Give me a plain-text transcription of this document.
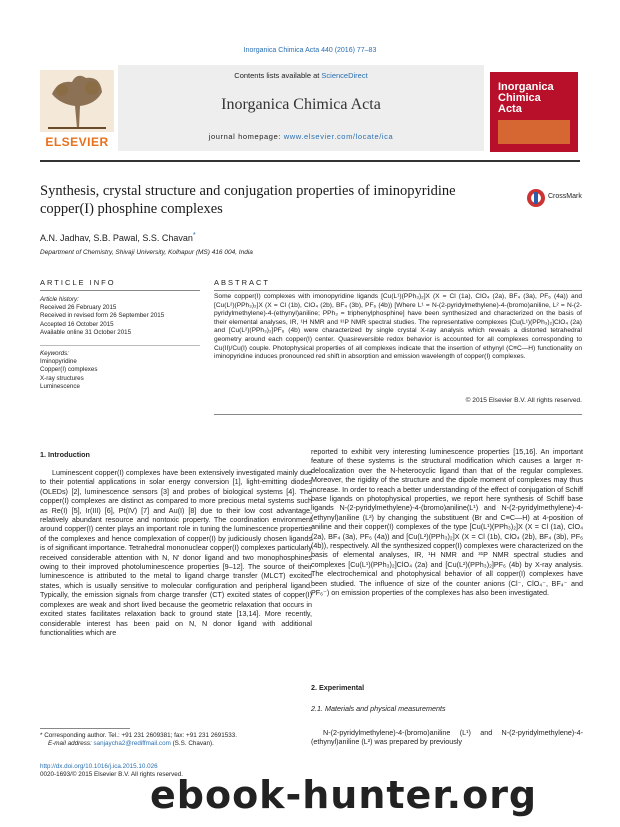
Inorganica Chimica Acta 440 (2016) 77–83
ELSEVIER
Contents lists available at ScienceDirect
Inorganica Chimica Acta
journal homepage: www.elsevier.com/locate/ica
Inorganica
Chimica
Acta
Synthesis, crystal structure and conjugation properties of iminopyridine
copper(I) phosphine complexes
CrossMark
A.N. Jadhav, S.B. Pawal, S.S. Chavan*
Department of Chemistry, Shivaji University, Kolhapur (MS) 416 004, India
ARTICLE INFO	ABSTRACT
Article history:
Received 26 February 2015
Received in revised form 26 September 2015
Accepted 16 October 2015
Available online 31 October 2015
Keywords:
Iminopyridine
Copper(I) complexes
X-ray structures
Luminescence
Some copper(I) complexes with imonopyridine ligands [Cu(L¹)(PPh₃)₂]X (X = Cl (1a), ClO₄ (2a), BF₄ (3a), PF₆ (4a)) and [Cu(L²)(PPh₃)₂]X (X = Cl (1b), ClO₄ (2b), BF₄ (3b), PF₆ (4b)) [Where L¹ = N-(2-pyridylmethylene)-4-(bromo)aniline, L² = N-(2-pyridylmethylene)-4-(ethynyl)aniline; PPh₃ = triphenylphosphine] have been synthesized and characterized on the basis of their elemental analyses, IR, ¹H NMR and ³¹P NMR spectral studies. The representative complexes [Cu(L¹)(PPh₃)₂]ClO₄ (2a) and [Cu(L²)(PPh₃)₂]PF₆ (4b) were characterized by single crystal X-ray analysis which reveals a distorted tetrahedral geometry around each copper(I) center. Quasireversible redox behavior is accounted for all complexes corresponding to Cu(II)/Cu(I) couple. Photophysical properties of all complexes indicate that the insertion of ethynyl (C≡C—H) functionality on iminopyridine induces pronounced red shift in absorption and emission wavelength of copper(I) complexes.
© 2015 Elsevier B.V. All rights reserved.
1. Introduction

Luminescent copper(I) complexes have been extensively investigated mainly due to their potential applications in solar energy conversion [1], light-emitting diodes (OLEDs) [2], luminescence sensors [3] and probes of biological systems [4]. The copper(I) complexes are distinct as compared to more precious metal systems such as Re(I) [5], Ir(III) [6], Pt(IV) [7] and Au(I) [8] due to their low cost advantage, relatively abundant resource and nontoxic property. The coordination environment around copper(I) center plays an important role in tuning the luminescence properties of the complexes and hence complexation of copper(I) by judiciously chosen ligands is of significant importance. Tetrahedral mononuclear copper(I) complexes particularly received considerable attention with N, N′ donor ligand and two monophosphines owing to their improved photoluminescence properties [9–12]. The source of their luminescence is attributed to the metal to ligand charge transfer (MLCT) excited states, which is usually sensitive to molecular configuration and peripheral ligand. Typically, the emission signals from charge transfer (CT) excited states of copper(I) complexes are weak and short lived because the geometric relaxation that occurs in excited states facilitates relaxation back to ground state [13,14]. More recently, considerable interest has been paid on N, N donor ligand with additional functionalities which are

reported to exhibit very interesting luminescence properties [15,16]. An important feature of these systems is the structural modification which causes a larger π-delocalization over the N-heterocyclic ligand than that of the regular complexes. Moreover, the rigidity of the structure and the dipole moment of complexes may thus increase. In order to reach a better understanding of the effect of conjugation of Schiff base ligands on photophysical properties, we report here synthesis of Schiff base ligands N-(2-pyridylmethylene)-4-(bromo)aniline(L¹) and N-(2-pyridylmethylene)-4-(ethynyl)aniline (L²) by changing the substituent (Br and C≡C—H) at 4-position of aniline and their copper(I) complexes of the type [Cu(L¹)(PPh₃)₂]X (X = Cl (1a), ClO₄ (2a), BF₄ (3a), PF₆ (4a)) and [Cu(L²)(PPh₃)₂]X (X = Cl (1b), ClO₄ (2b), BF₄ (3b), PF₆ (4b)), respectively. All the synthesized copper(I) complexes were characterized on the basis of elemental analyses, IR, ¹H NMR and ³¹P NMR spectral studies and complexes [Cu(L¹)(PPh₃)₂]ClO₄ (2a) and [Cu(L²)(PPh₃)₂]PF₆ (4b) by X-ray analysis. The electrochemical and photophysical behavior of all copper(I) complexes have been studied. The influence of size of the counter anions (Cl⁻, ClO₄⁻, BF₄⁻ and PF₆⁻) on emission properties of the complexes has also been investigated.

2. Experimental
2.1. Materials and physical measurements

N-(2-pyridylmethylene)-4-(bromo)aniline (L¹) and N-(2-pyridylmethylene)-4-(ethynyl)aniline (L²) was prepared by previously

* Corresponding author. Tel.: +91 231 2609381; fax: +91 231 2691533.
E-mail address: sanjaycha2@rediffmail.com (S.S. Chavan).
http://dx.doi.org/10.1016/j.ica.2015.10.026
0020-1693/© 2015 Elsevier B.V. All rights reserved.
ebook-hunter.org
